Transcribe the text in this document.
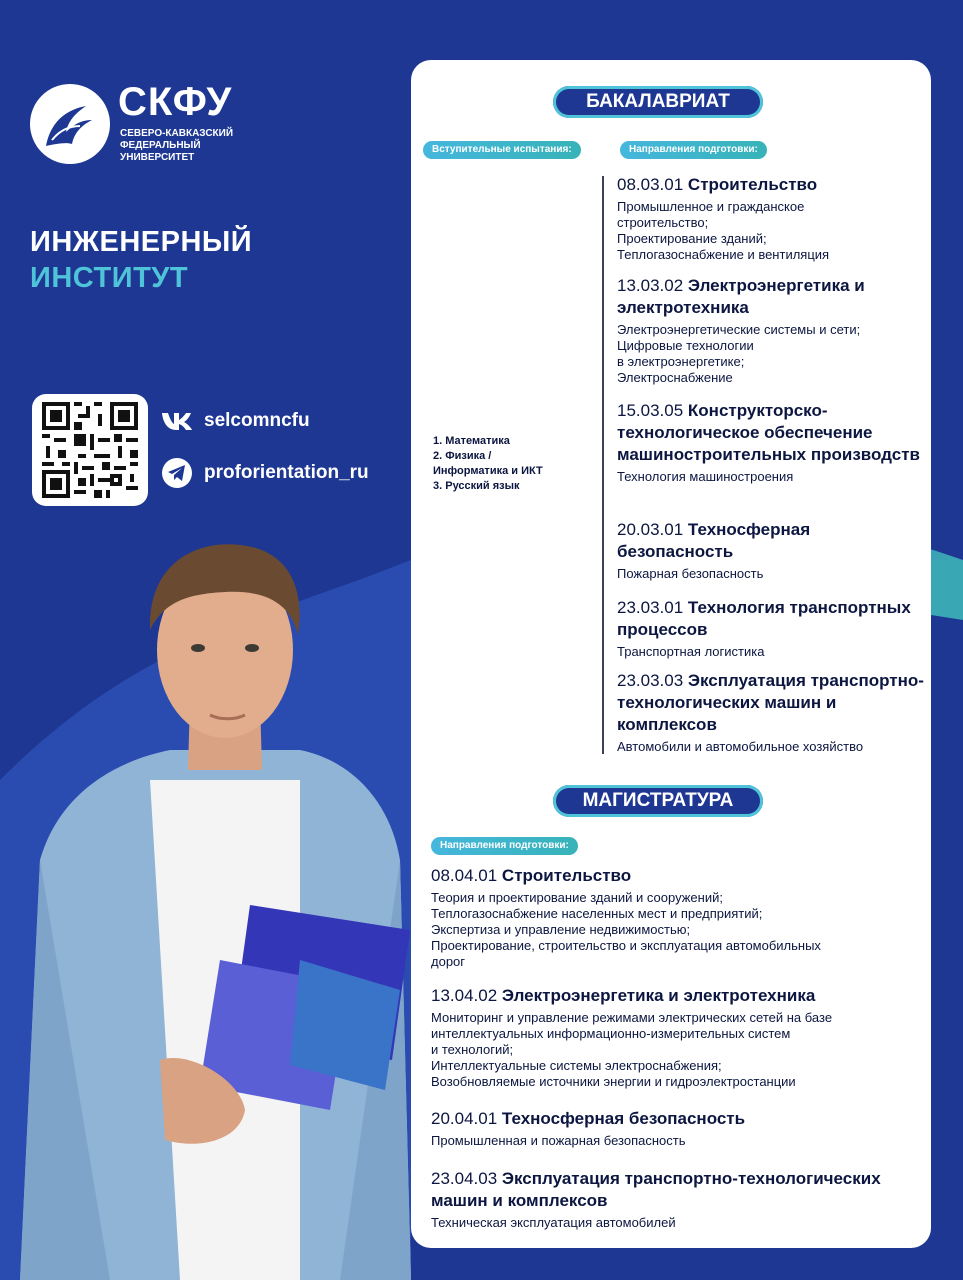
СКФУ
СЕВЕРО-КАВКАЗСКИЙ
ФЕДЕРАЛЬНЫЙ
УНИВЕРСИТЕТ
ИНЖЕНЕРНЫЙ
ИНСТИТУТ
selcomncfu
proforientation_ru
БАКАЛАВРИАТ
Вступительные испытания:	Направления подготовки:
1. Математика
2. Физика /
Информатика и ИКТ
3. Русский язык
08.03.01 Строительство
Промышленное и гражданское
строительство;
Проектирование зданий;
Теплогазоснабжение и вентиляция
13.03.02 Электроэнергетика и электротехника
Электроэнергетические системы и сети;
Цифровые технологии
в электроэнергетике;
Электроснабжение
15.03.05 Конструкторско-технологическое обеспечение машиностроительных производств
Технология машиностроения
20.03.01 Техносферная безопасность
Пожарная безопасность
23.03.01 Технология транспортных процессов
Транспортная логистика
23.03.03 Эксплуатация транспортно-технологических машин и комплексов
Автомобили и автомобильное хозяйство
МАГИСТРАТУРА
Направления подготовки:
08.04.01 Строительство
Теория и проектирование зданий и сооружений;
Теплогазоснабжение населенных мест и предприятий;
Экспертиза и управление недвижимостью;
Проектирование, строительство и эксплуатация автомобильных
дорог
13.04.02 Электроэнергетика и электротехника
Мониторинг и управление режимами электрических сетей на базе
интеллектуальных информационно-измерительных систем
и технологий;
Интеллектуальные системы электроснабжения;
Возобновляемые источники энергии и гидроэлектростанции
20.04.01 Техносферная безопасность
Промышленная и пожарная безопасность
23.04.03 Эксплуатация транспортно-технологических машин и комплексов
Техническая эксплуатация автомобилей
